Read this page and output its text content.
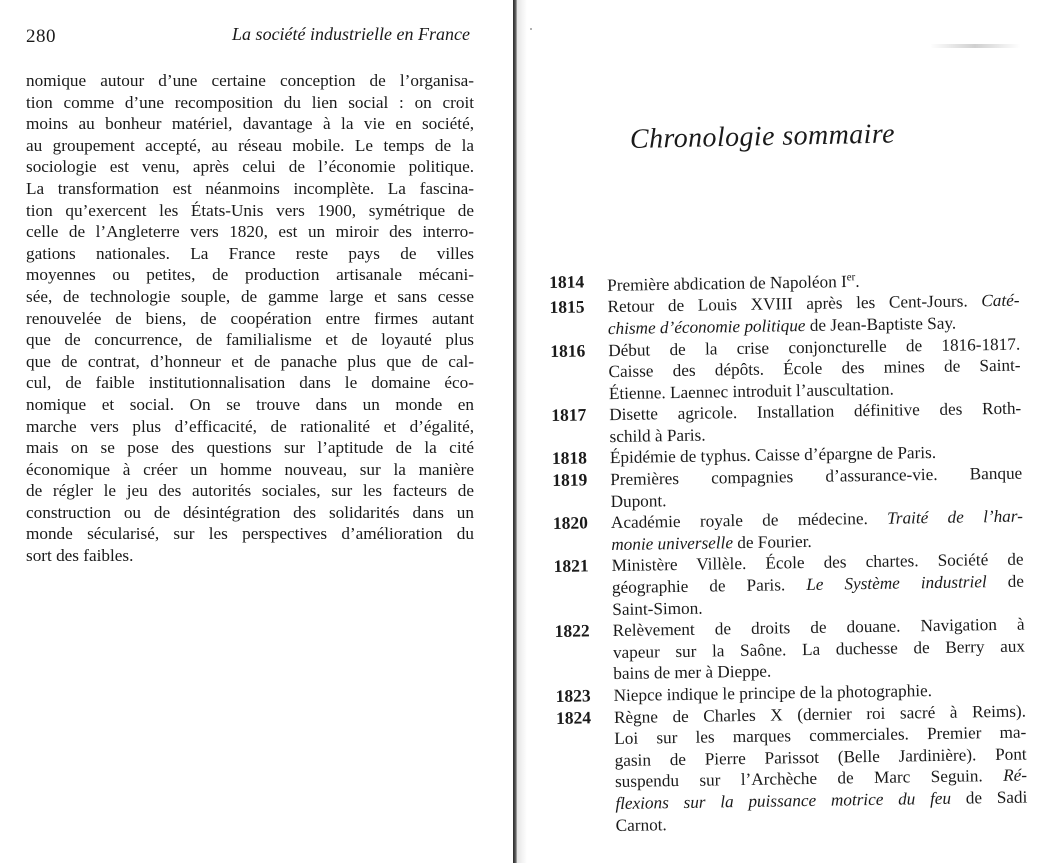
280	La société industrielle en France
nomique autour d’une certaine conception de l’organisa-
tion comme d’une recomposition du lien social : on croit
moins au bonheur matériel, davantage à la vie en société,
au groupement accepté, au réseau mobile. Le temps de la
sociologie est venu, après celui de l’économie politique.
La transformation est néanmoins incomplète. La fascina-
tion qu’exercent les États-Unis vers 1900, symétrique de
celle de l’Angleterre vers 1820, est un miroir des interro-
gations nationales. La France reste pays de villes
moyennes ou petites, de production artisanale mécani-
sée, de technologie souple, de gamme large et sans cesse
renouvelée de biens, de coopération entre firmes autant
que de concurrence, de familialisme et de loyauté plus
que de contrat, d’honneur et de panache plus que de cal-
cul, de faible institutionnalisation dans le domaine éco-
nomique et social. On se trouve dans un monde en
marche vers plus d’efficacité, de rationalité et d’égalité,
mais on se pose des questions sur l’aptitude de la cité
économique à créer un homme nouveau, sur la manière
de régler le jeu des autorités sociales, sur les facteurs de
construction ou de désintégration des solidarités dans un
monde sécularisé, sur les perspectives d’amélioration du
sort des faibles.
Chronologie sommaire
1814	Première abdication de Napoléon Ier.
1815	Retour de Louis XVIII après les Cent-Jours. Caté-
chisme d’économie politique de Jean-Baptiste Say.
1816	Début de la crise conjoncturelle de 1816-1817.
Caisse des dépôts. École des mines de Saint-
Étienne. Laennec introduit l’auscultation.
1817	Disette agricole. Installation définitive des Roth-
schild à Paris.
1818	Épidémie de typhus. Caisse d’épargne de Paris.
1819	Premières compagnies d’assurance-vie. Banque
Dupont.
1820	Académie royale de médecine. Traité de l’har-
monie universelle de Fourier.
1821	Ministère Villèle. École des chartes. Société de
géographie de Paris. Le Système industriel de
Saint-Simon.
1822	Relèvement de droits de douane. Navigation à
vapeur sur la Saône. La duchesse de Berry aux
bains de mer à Dieppe.
1823	Niepce indique le principe de la photographie.
1824	Règne de Charles X (dernier roi sacré à Reims).
Loi sur les marques commerciales. Premier ma-
gasin de Pierre Parissot (Belle Jardinière). Pont
suspendu sur l’Archèche de Marc Seguin. Ré-
flexions sur la puissance motrice du feu de Sadi
Carnot.
